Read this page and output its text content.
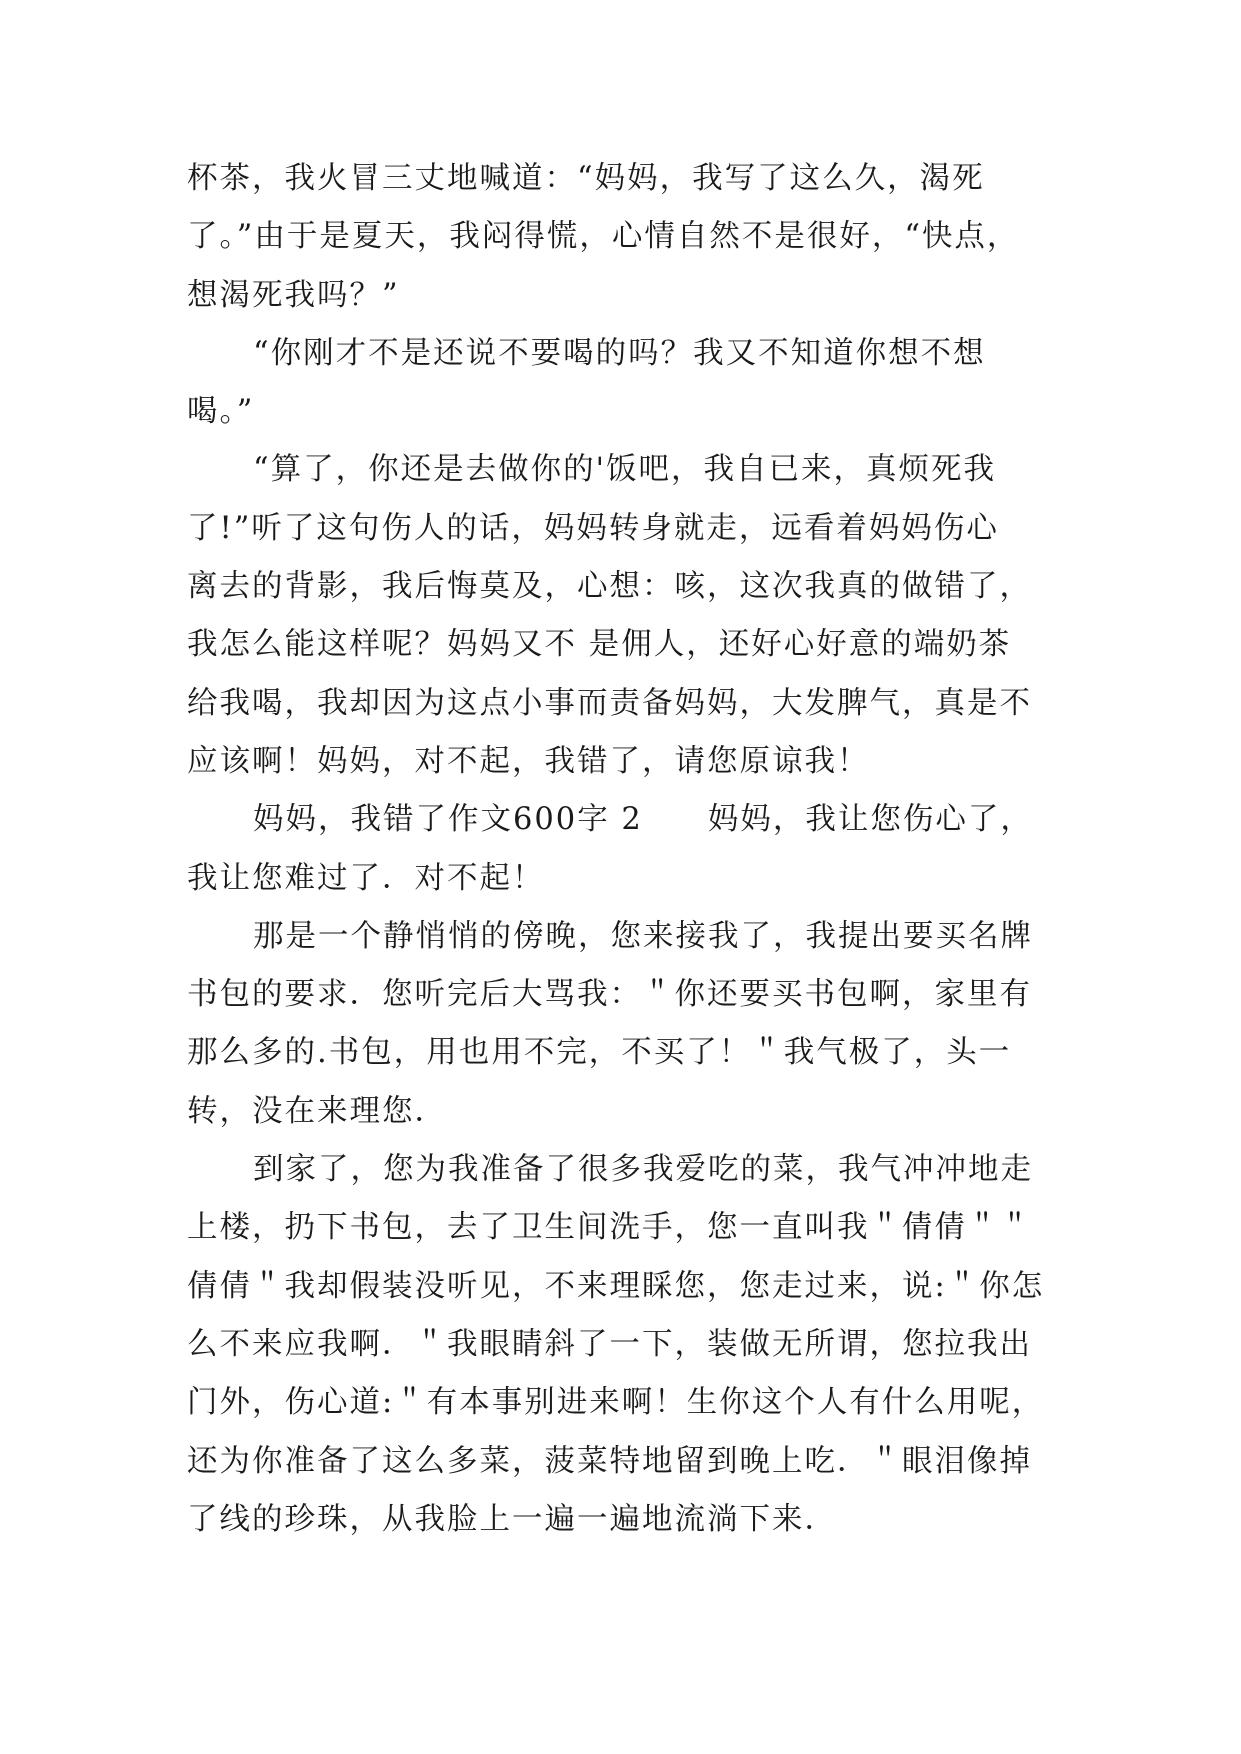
杯茶，我火冒三丈地喊道：“妈妈，我写了这么久，渴死
了。”由于是夏天，我闷得慌，心情自然不是很好，“快点，
想渴死我吗？”
“你刚才不是还说不要喝的吗？我又不知道你想不想
喝。”
“算了，你还是去做你的'饭吧，我自已来，真烦死我
了!”听了这句伤人的话，妈妈转身就走，远看着妈妈伤心
离去的背影，我后悔莫及，心想：咳，这次我真的做错了，
我怎么能这样呢？妈妈又不 是佣人，还好心好意的端奶茶
给我喝，我却因为这点小事而责备妈妈，大发脾气，真是不
应该啊！妈妈，对不起，我错了，请您原谅我！
妈妈，我错了作文600字 2　　妈妈，我让您伤心了，
我让您难过了．对不起！
那是一个静悄悄的傍晚，您来接我了，我提出要买名牌
书包的要求．您听完后大骂我：＂你还要买书包啊，家里有
那么多的.书包，用也用不完，不买了！＂我气极了，头一
转，没在来理您．
到家了，您为我准备了很多我爱吃的菜，我气冲冲地走
上楼，扔下书包，去了卫生间洗手，您一直叫我＂倩倩＂＂
倩倩＂我却假装没听见，不来理睬您，您走过来，说:＂你怎
么不来应我啊．＂我眼睛斜了一下，装做无所谓，您拉我出
门外，伤心道:＂有本事别进来啊！生你这个人有什么用呢，
还为你准备了这么多菜，菠菜特地留到晚上吃．＂眼泪像掉
了线的珍珠，从我脸上一遍一遍地流淌下来．
